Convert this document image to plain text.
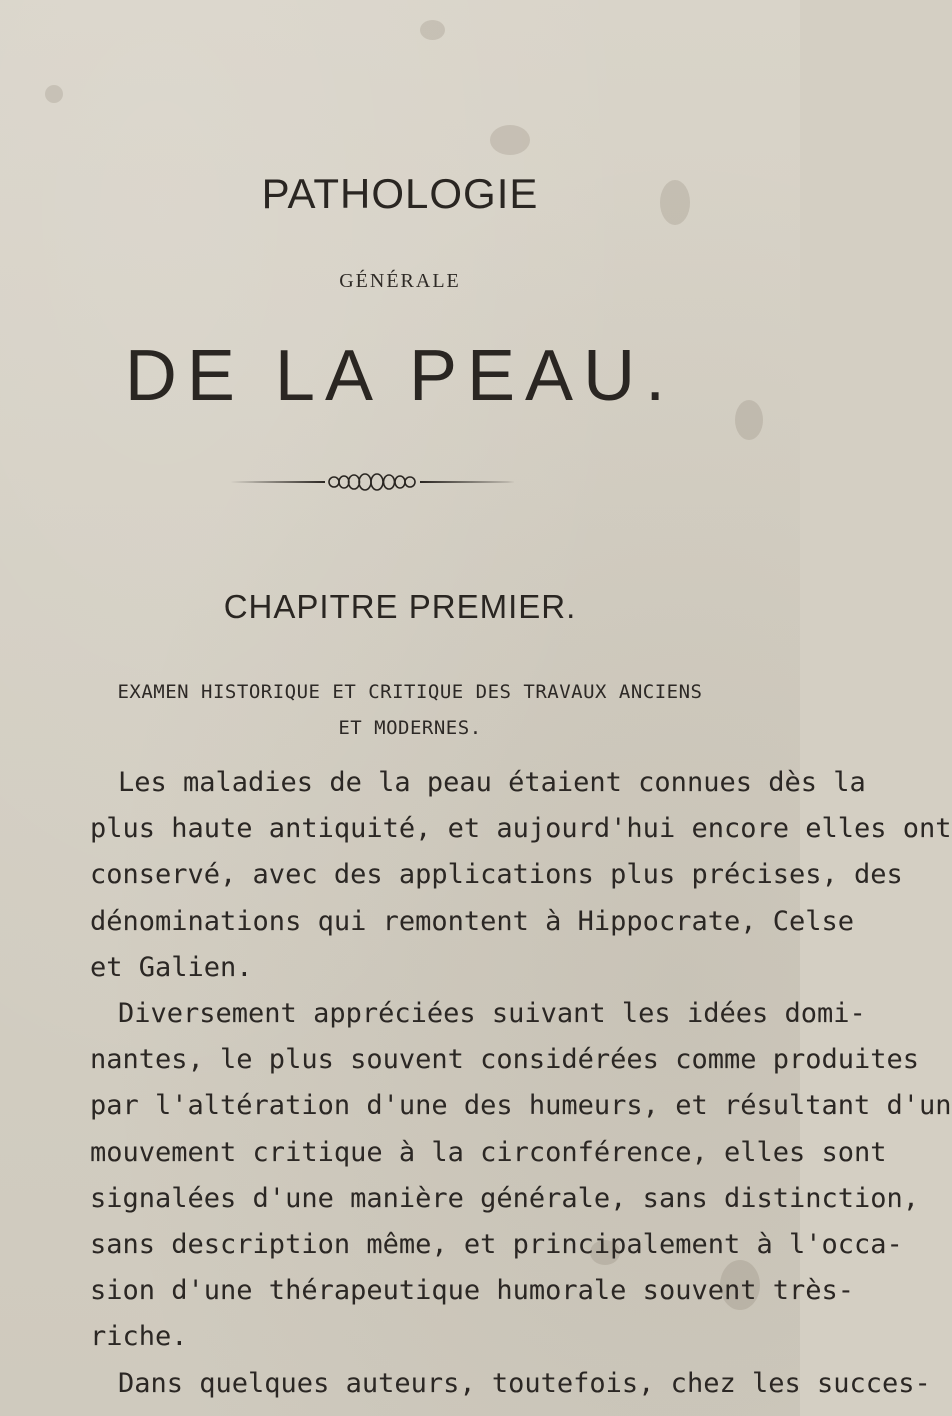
PATHOLOGIE
GÉNÉRALE
DE LA PEAU.
CHAPITRE PREMIER.
EXAMEN HISTORIQUE ET CRITIQUE DES TRAVAUX ANCIENS
ET MODERNES.
Les maladies de la peau étaient connues dès la
plus haute antiquité, et aujourd'hui encore elles ont
conservé, avec des applications plus précises, des
dénominations qui remontent à Hippocrate, Celse
et Galien.
Diversement appréciées suivant les idées domi-
nantes, le plus souvent considérées comme produites
par l'altération d'une des humeurs, et résultant d'un
mouvement critique à la circonférence, elles sont
signalées d'une manière générale, sans distinction,
sans description même, et principalement à l'occa-
sion d'une thérapeutique humorale souvent très-
riche.
Dans quelques auteurs, toutefois, chez les succes-
